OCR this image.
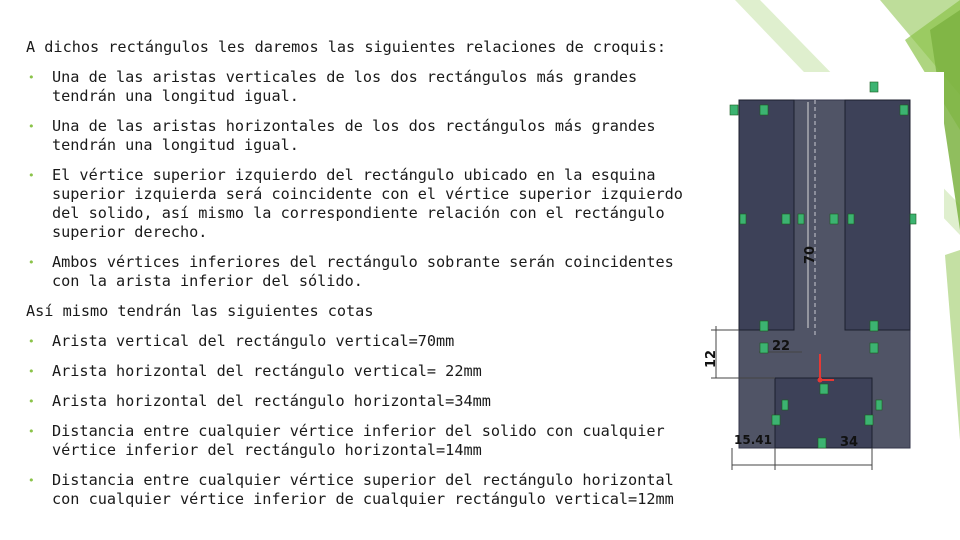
A dichos rectángulos les daremos las siguientes relaciones de croquis:

• Una de las aristas verticales de los dos rectángulos más grandes tendrán una longitud igual.
• Una de las aristas horizontales de los dos rectángulos más grandes tendrán una longitud igual.
• El vértice superior izquierdo del rectángulo ubicado en la esquina superior izquierda será coincidente con el vértice superior izquierdo del solido, así mismo la correspondiente relación con el rectángulo superior derecho.
• Ambos vértices inferiores del rectángulo sobrante serán coincidentes con la arista inferior del sólido.

Así mismo tendrán las siguientes cotas

• Arista vertical del rectángulo vertical=70mm
• Arista horizontal del rectángulo vertical= 22mm
• Arista horizontal del rectángulo horizontal=34mm
• Distancia entre cualquier vértice inferior del solido con cualquier vértice inferior del rectángulo horizontal=14mm
• Distancia entre cualquier vértice superior del rectángulo horizontal con cualquier vértice inferior de cualquier rectángulo vertical=12mm
70
12
22
15.41	34
